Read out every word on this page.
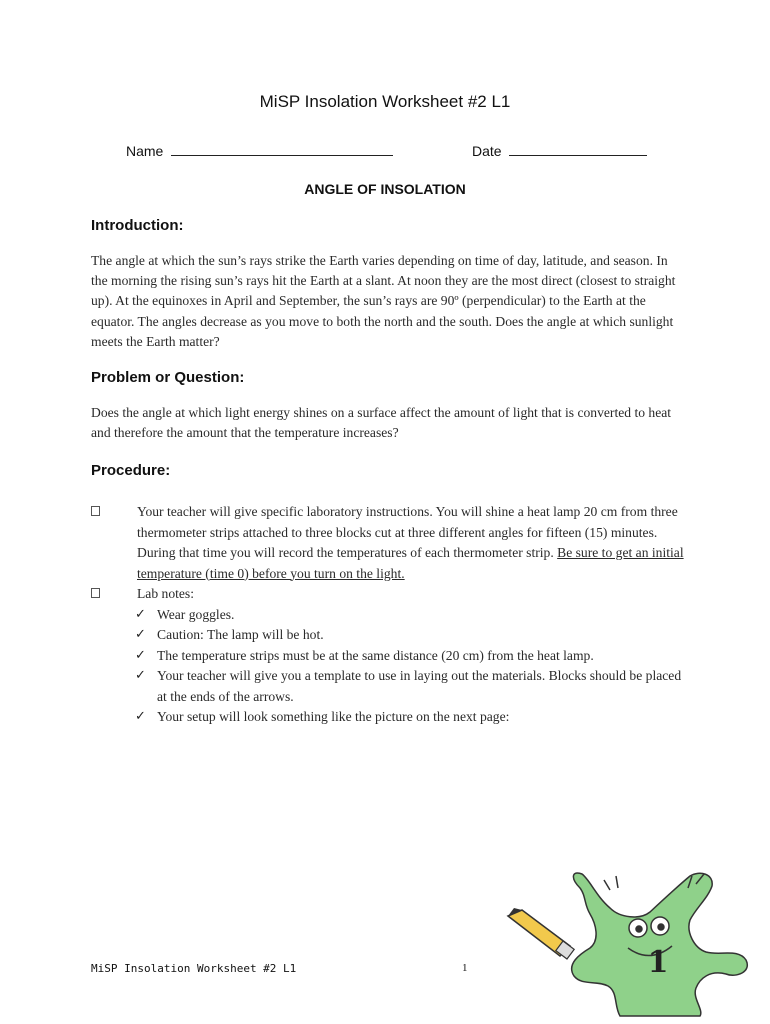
MiSP Insolation Worksheet #2 L1
Name	Date
ANGLE OF INSOLATION
Introduction:
The angle at which the sun’s rays strike the Earth varies depending on time of day, latitude, and season. In the morning the rising sun’s rays hit the Earth at a slant. At noon they are the most direct (closest to straight up). At the equinoxes in April and September, the sun’s rays are 90º (perpendicular) to the Earth at the equator. The angles decrease as you move to both the north and the south. Does the angle at which sunlight meets the Earth matter?
Problem or Question:
Does the angle at which light energy shines on a surface affect the amount of light that is converted to heat and therefore the amount that the temperature increases?
Procedure:
Your teacher will give specific laboratory instructions. You will shine a heat lamp 20 cm from three thermometer strips attached to three blocks cut at three different angles for fifteen (15) minutes. During that time you will record the temperatures of each thermometer strip. Be sure to get an initial temperature (time 0) before you turn on the light.
Lab notes:
✓ Wear goggles.
✓ Caution: The lamp will be hot.
✓ The temperature strips must be at the same distance (20 cm) from the heat lamp.
✓ Your teacher will give you a template to use in laying out the materials. Blocks should be placed at the ends of the arrows.
✓ Your setup will look something like the picture on the next page:
MiSP Insolation Worksheet #2 L1	1	1
